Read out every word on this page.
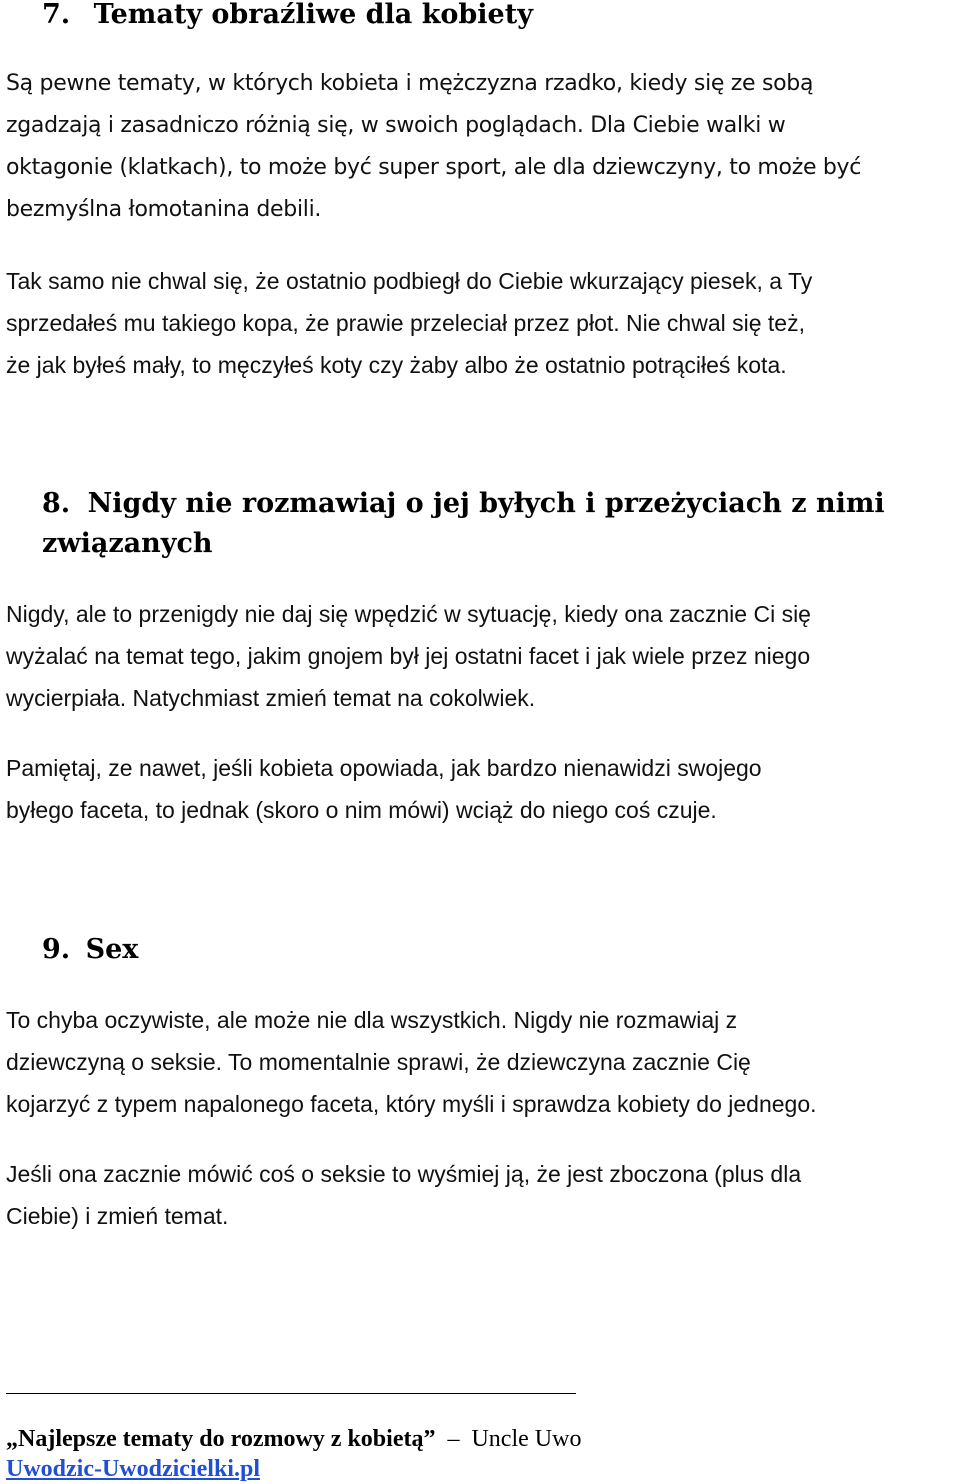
7. Tematy obraźliwe dla kobiety

Są pewne tematy, w których kobieta i mężczyzna rzadko, kiedy się ze sobą
zgadzają i zasadniczo różnią się, w swoich poglądach. Dla Ciebie walki w
oktagonie (klatkach), to może być super sport, ale dla dziewczyny, to może być
bezmyślna łomotanina debili.

Tak samo nie chwal się, że ostatnio podbiegł do Ciebie wkurzający piesek, a Ty
sprzedałeś mu takiego kopa, że prawie przeleciał przez płot. Nie chwal się też,
że jak byłeś mały, to męczyłeś koty czy żaby albo że ostatnio potrąciłeś kota.

8. Nigdy nie rozmawiaj o jej byłych i przeżyciach z nimi
związanych

Nigdy, ale to przenigdy nie daj się wpędzić w sytuację, kiedy ona zacznie Ci się
wyżalać na temat tego, jakim gnojem był jej ostatni facet i jak wiele przez niego
wycierpiała. Natychmiast zmień temat na cokolwiek.

Pamiętaj, ze nawet, jeśli kobieta opowiada, jak bardzo nienawidzi swojego
byłego faceta, to jednak (skoro o nim mówi) wciąż do niego coś czuje.

9. Sex

To chyba oczywiste, ale może nie dla wszystkich. Nigdy nie rozmawiaj z
dziewczyną o seksie. To momentalnie sprawi, że dziewczyna zacznie Cię
kojarzyć z typem napalonego faceta, który myśli i sprawdza kobiety do jednego.

Jeśli ona zacznie mówić coś o seksie to wyśmiej ją, że jest zboczona (plus dla
Ciebie) i zmień temat.

„Najlepsze tematy do rozmowy z kobietą” – Uncle Uwo
Uwodzic-Uwodzicielki.pl
